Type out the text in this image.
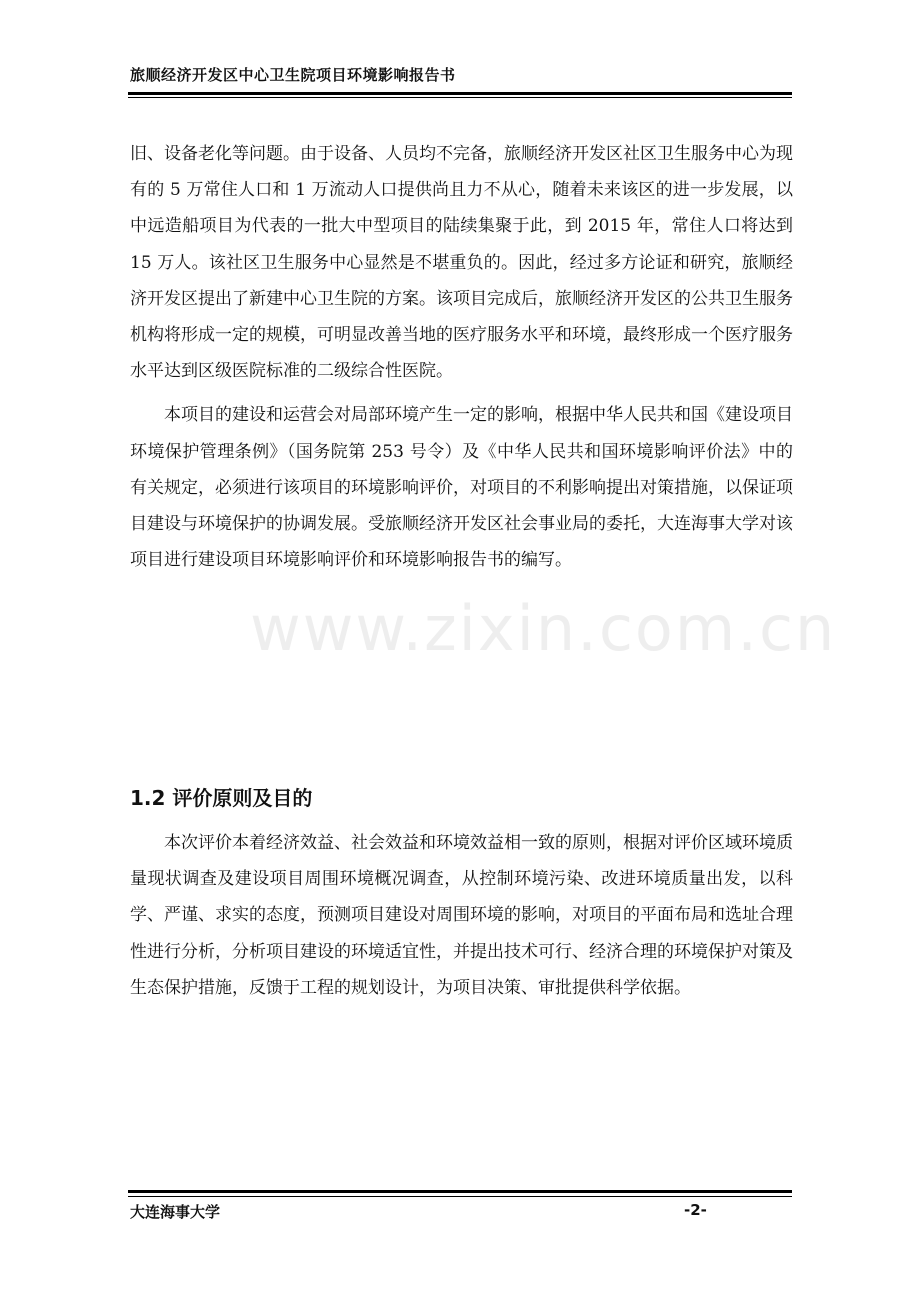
旅顺经济开发区中心卫生院项目环境影响报告书
www.zixin.com.cn

旧、设备老化等问题。由于设备、人员均不完备，旅顺经济开发区社区卫生服务中心为现有的 5 万常住人口和 1 万流动人口提供尚且力不从心，随着未来该区的进一步发展，以中远造船项目为代表的一批大中型项目的陆续集聚于此，到 2015 年，常住人口将达到 15 万人。该社区卫生服务中心显然是不堪重负的。因此，经过多方论证和研究，旅顺经济开发区提出了新建中心卫生院的方案。该项目完成后，旅顺经济开发区的公共卫生服务机构将形成一定的规模，可明显改善当地的医疗服务水平和环境，最终形成一个医疗服务水平达到区级医院标准的二级综合性医院。

本项目的建设和运营会对局部环境产生一定的影响，根据中华人民共和国《建设项目环境保护管理条例》（国务院第 253 号令）及《中华人民共和国环境影响评价法》中的有关规定，必须进行该项目的环境影响评价，对项目的不利影响提出对策措施，以保证项目建设与环境保护的协调发展。受旅顺经济开发区社会事业局的委托，大连海事大学对该项目进行建设项目环境影响评价和环境影响报告书的编写。

1.2 评价原则及目的

本次评价本着经济效益、社会效益和环境效益相一致的原则，根据对评价区域环境质量现状调查及建设项目周围环境概况调查，从控制环境污染、改进环境质量出发，以科学、严谨、求实的态度，预测项目建设对周围环境的影响，对项目的平面布局和选址合理性进行分析，分析项目建设的环境适宜性，并提出技术可行、经济合理的环境保护对策及生态保护措施，反馈于工程的规划设计，为项目决策、审批提供科学依据。

大连海事大学	-2-
